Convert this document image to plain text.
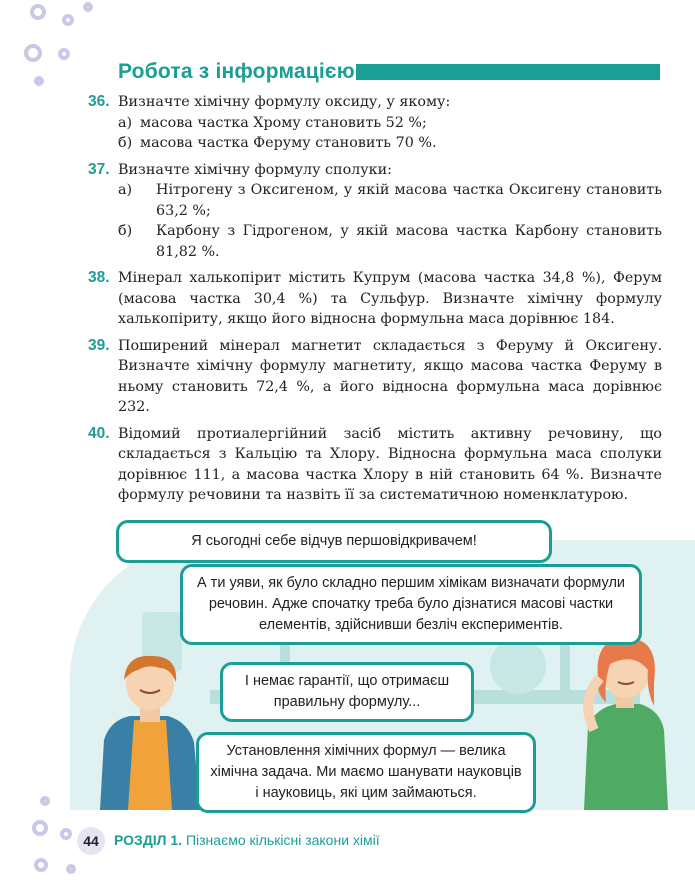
Робота з інформацією
36. Визначте хімічну формулу оксиду, у якому:
а) масова частка Хрому становить 52 %;
б) масова частка Феруму становить 70 %.
37. Визначте хімічну формулу сполуки:
а) Нітрогену з Оксигеном, у якій масова частка Оксигену становить 63,2 %;
б) Карбону з Гідрогеном, у якій масова частка Карбону становить 81,82 %.
38. Мінерал халькопірит містить Купрум (масова частка 34,8 %), Ферум (масова частка 30,4 %) та Сульфур. Визначте хімічну формулу халькопіриту, якщо його відносна формульна маса дорівнює 184.
39. Поширений мінерал магнетит складається з Феруму й Оксигену. Визначте хімічну формулу магнетиту, якщо масова частка Феруму в ньому становить 72,4 %, а його відносна формульна маса дорівнює 232.
40. Відомий протиалергійний засіб містить активну речовину, що складається з Кальцію та Хлору. Відносна формульна маса сполуки дорівнює 111, а масова частка Хлору в ній становить 64 %. Визначте формулу речовини та назвіть її за систематичною номенклатурою.
Я сьогодні себе відчув першовідкривачем!
А ти уяви, як було складно першим хімікам визначати формули речовин. Адже спочатку треба було дізнатися масові частки елементів, здійснивши безліч експериментів.
І немає гарантії, що отримаєш правильну формулу...
Установлення хімічних формул — велика хімічна задача. Ми маємо шанувати науковців і науковиць, які цим займаються.
44	РОЗДІЛ 1. Пізнаємо кількісні закони хімії
